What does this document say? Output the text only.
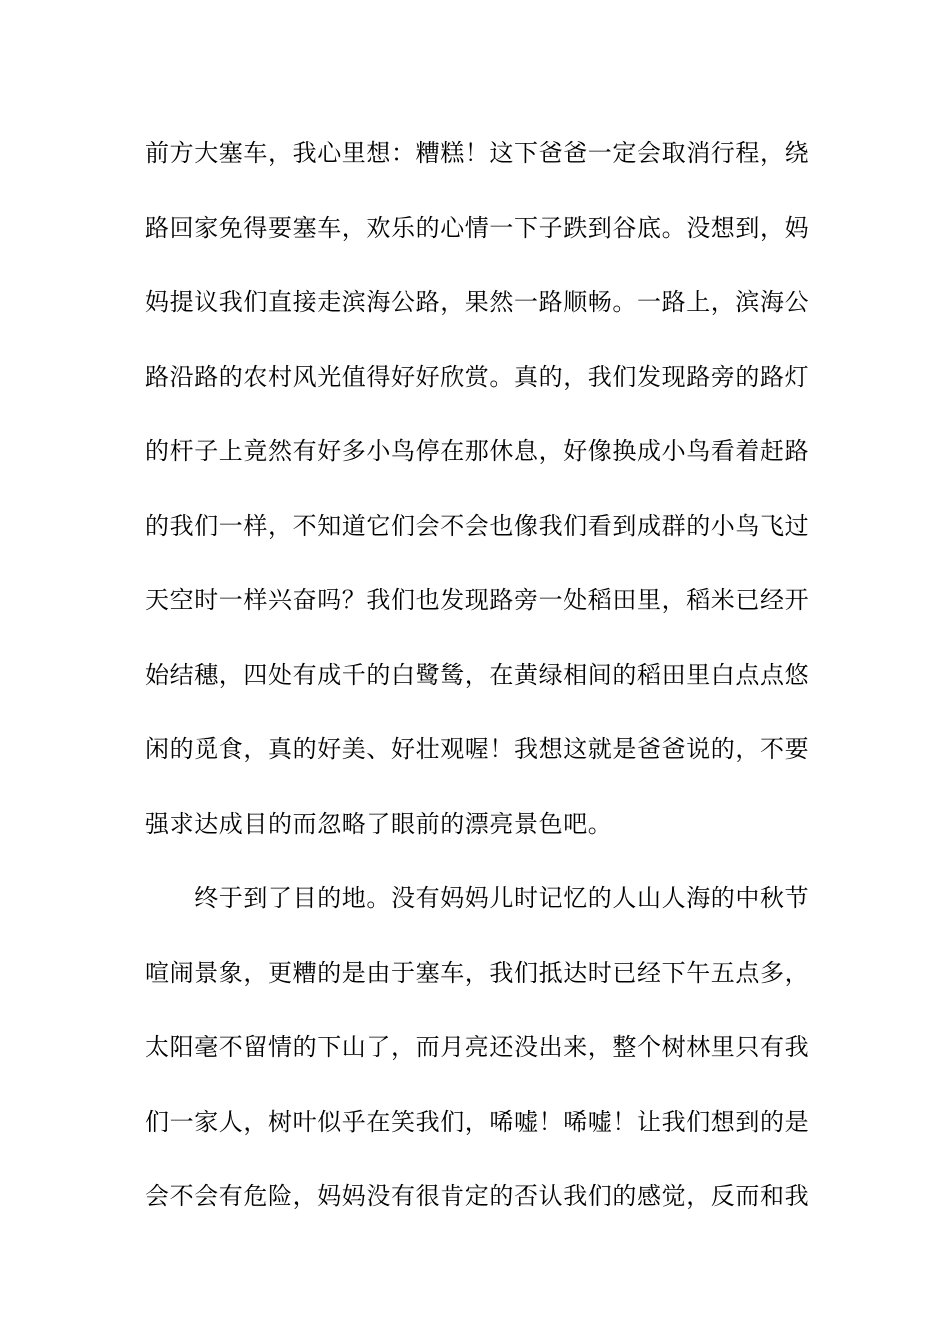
前方大塞车，我心里想：糟糕！这下爸爸一定会取消行程，绕
路回家免得要塞车，欢乐的心情一下子跌到谷底。没想到，妈
妈提议我们直接走滨海公路，果然一路顺畅。一路上，滨海公
路沿路的农村风光值得好好欣赏。真的，我们发现路旁的路灯
的杆子上竟然有好多小鸟停在那休息，好像换成小鸟看着赶路
的我们一样，不知道它们会不会也像我们看到成群的小鸟飞过
天空时一样兴奋吗？我们也发现路旁一处稻田里，稻米已经开
始结穗，四处有成千的白鹭鸶，在黄绿相间的稻田里白点点悠
闲的觅食，真的好美、好壮观喔！我想这就是爸爸说的，不要
强求达成目的而忽略了眼前的漂亮景色吧。
　　终于到了目的地。没有妈妈儿时记忆的人山人海的中秋节
喧闹景象，更糟的是由于塞车，我们抵达时已经下午五点多，
太阳毫不留情的下山了，而月亮还没出来，整个树林里只有我
们一家人，树叶似乎在笑我们，唏嘘！唏嘘！让我们想到的是
会不会有危险，妈妈没有很肯定的否认我们的感觉，反而和我
